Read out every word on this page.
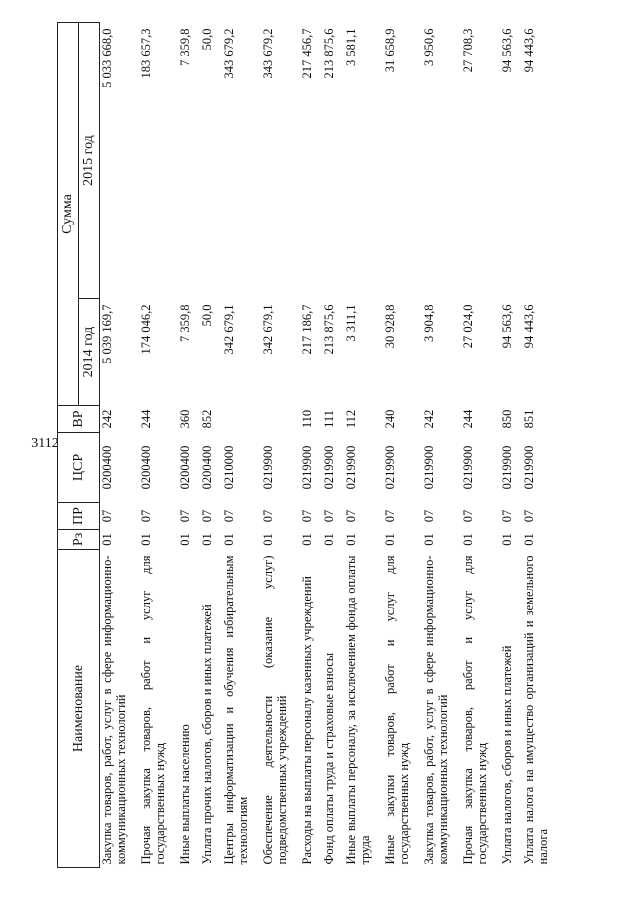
3112
Наименование	Рз	ПР	ЦСР	ВР	Сумма	
					2014 год	2015 год
Закупка товаров, работ, услуг в сфере информационно-коммуникационных технологий	01	07	0200400	242	5 039 169,7	5 033 668,0
Прочая закупка товаров, работ и услуг для государственных нужд	01	07	0200400	244	174 046,2	183 657,3
Иные выплаты населению	01	07	0200400	360	7 359,8	7 359,8
Уплата прочих налогов, сборов и иных платежей	01	07	0200400	852	50,0	50,0
Центры информатизации и обучения избирательным технологиям	01	07	0210000		342 679,1	343 679,2
Обеспечение деятельности (оказание услуг) подведомственных учреждений	01	07	0219900		342 679,1	343 679,2
Расходы на выплаты персоналу казенных учреждений	01	07	0219900	110	217 186,7	217 456,7
Фонд оплаты труда и страховые взносы	01	07	0219900	111	213 875,6	213 875,6
Иные выплаты персоналу, за исключением фонда оплаты труда	01	07	0219900	112	3 311,1	3 581,1
Иные закупки товаров, работ и услуг для государственных нужд	01	07	0219900	240	30 928,8	31 658,9
Закупка товаров, работ, услуг в сфере информационно-коммуникационных технологий	01	07	0219900	242	3 904,8	3 950,6
Прочая закупка товаров, работ и услуг для государственных нужд	01	07	0219900	244	27 024,0	27 708,3
Уплата налогов, сборов и иных платежей	01	07	0219900	850	94 563,6	94 563,6
Уплата налога на имущество организаций и земельного налога	01	07	0219900	851	94 443,6	94 443,6
